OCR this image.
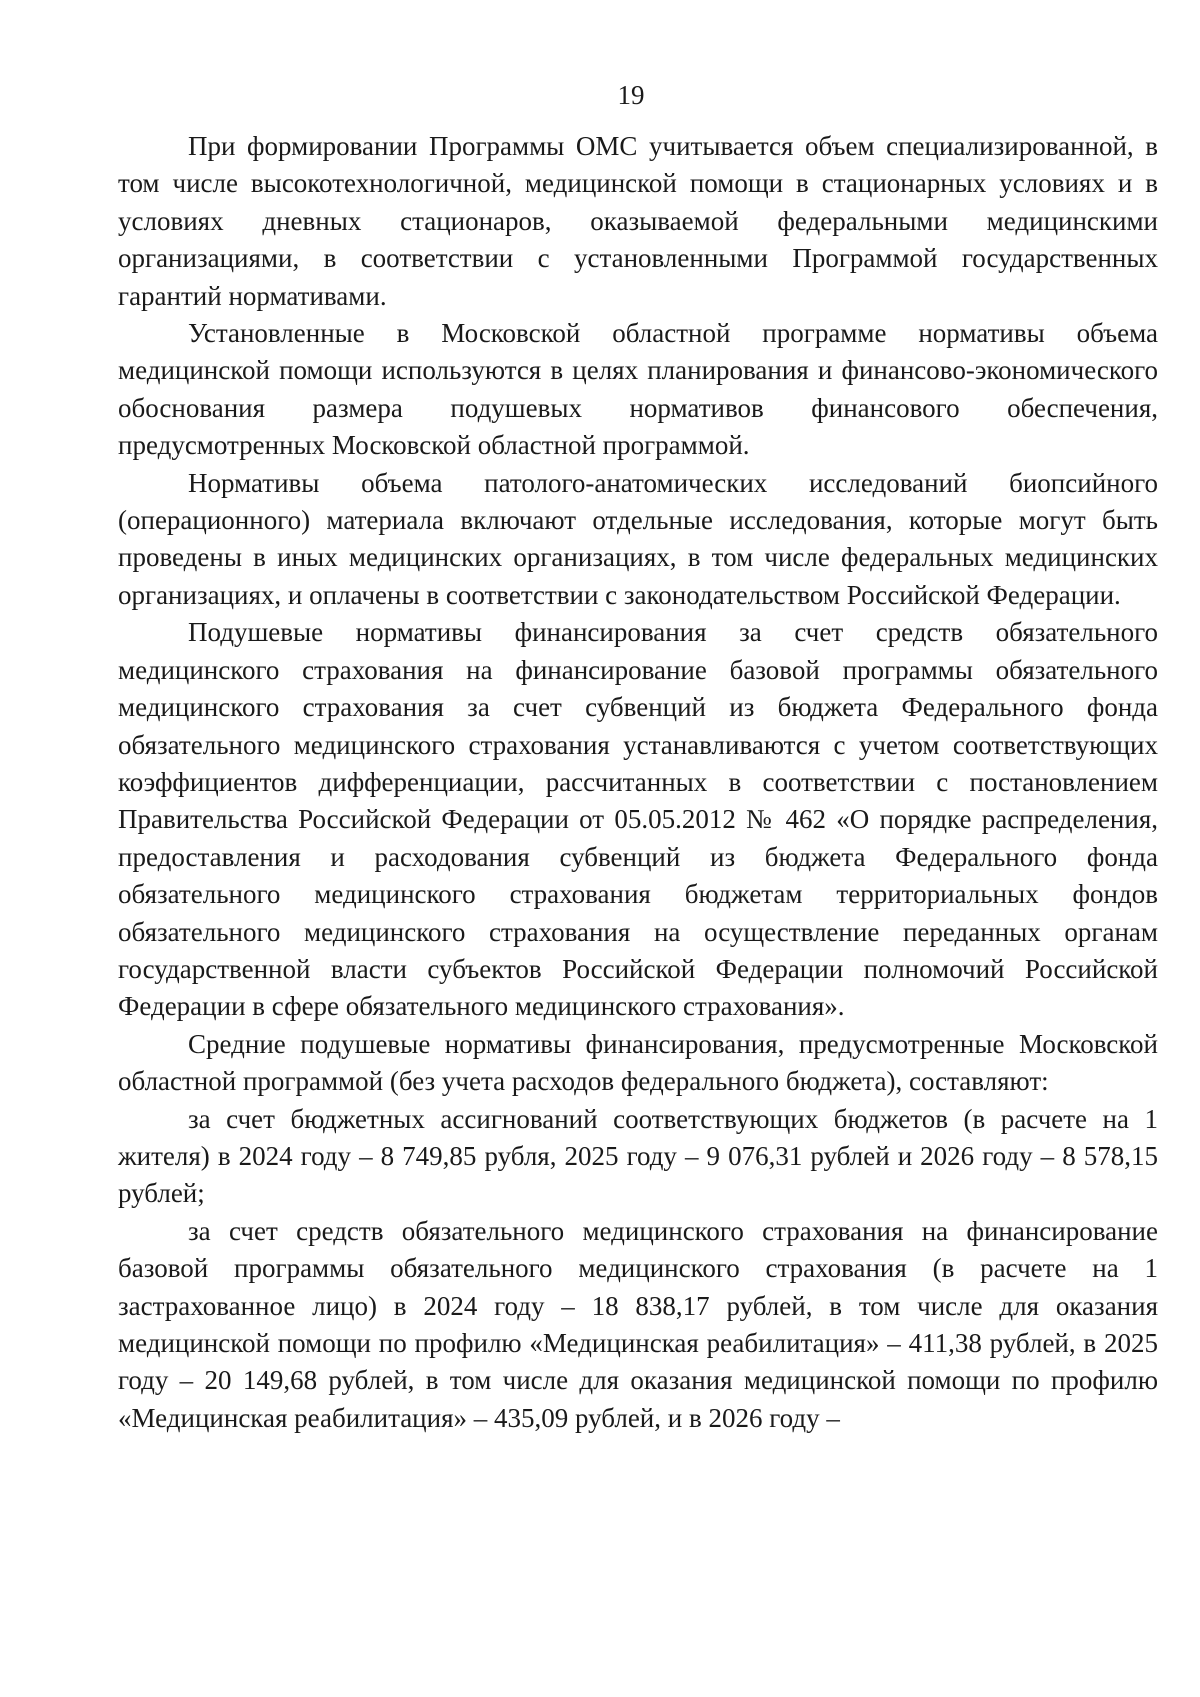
19

При формировании Программы ОМС учитывается объем специализированной, в том числе высокотехнологичной, медицинской помощи в стационарных условиях и в условиях дневных стационаров, оказываемой федеральными медицинскими организациями, в соответствии с установленными Программой государственных гарантий нормативами.

Установленные в Московской областной программе нормативы объема медицинской помощи используются в целях планирования и финансово-экономического обоснования размера подушевых нормативов финансового обеспечения, предусмотренных Московской областной программой.

Нормативы объема патолого-анатомических исследований биопсийного (операционного) материала включают отдельные исследования, которые могут быть проведены в иных медицинских организациях, в том числе федеральных медицинских организациях, и оплачены в соответствии с законодательством Российской Федерации.

Подушевые нормативы финансирования за счет средств обязательного медицинского страхования на финансирование базовой программы обязательного медицинского страхования за счет субвенций из бюджета Федерального фонда обязательного медицинского страхования устанавливаются с учетом соответствующих коэффициентов дифференциации, рассчитанных в соответствии с постановлением Правительства Российской Федерации от 05.05.2012 № 462 «О порядке распределения, предоставления и расходования субвенций из бюджета Федерального фонда обязательного медицинского страхования бюджетам территориальных фондов обязательного медицинского страхования на осуществление переданных органам государственной власти субъектов Российской Федерации полномочий Российской Федерации в сфере обязательного медицинского страхования».

Средние подушевые нормативы финансирования, предусмотренные Московской областной программой (без учета расходов федерального бюджета), составляют:

за счет бюджетных ассигнований соответствующих бюджетов (в расчете на 1 жителя) в 2024 году – 8 749,85 рубля, 2025 году – 9 076,31 рублей и 2026 году – 8 578,15 рублей;

за счет средств обязательного медицинского страхования на финансирование базовой программы обязательного медицинского страхования (в расчете на 1 застрахованное лицо) в 2024 году – 18 838,17 рублей, в том числе для оказания медицинской помощи по профилю «Медицинская реабилитация» – 411,38 рублей, в 2025 году – 20 149,68 рублей, в том числе для оказания медицинской помощи по профилю «Медицинская реабилитация» – 435,09 рублей, и в 2026 году –
